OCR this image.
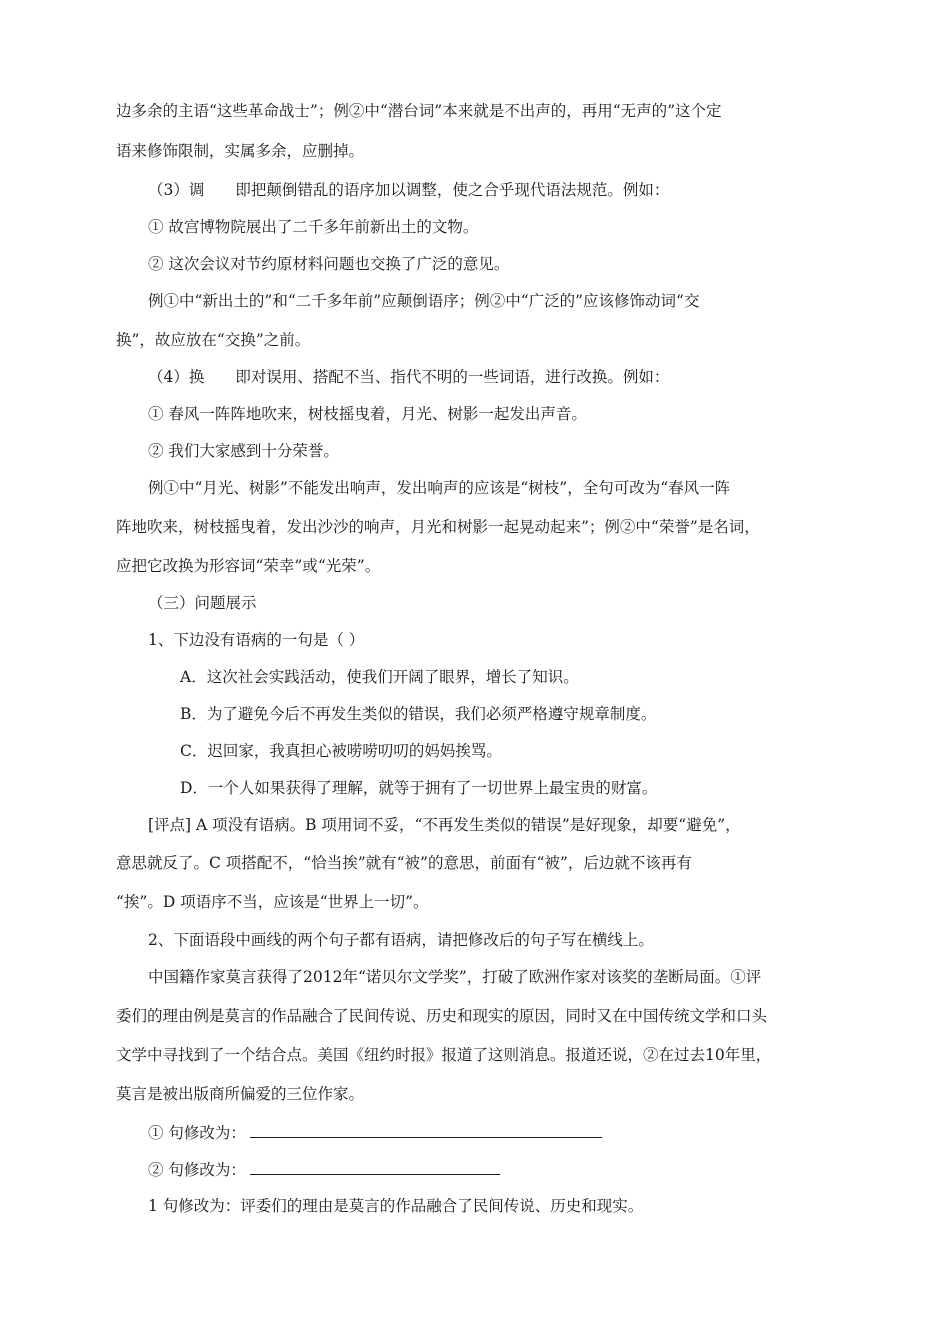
边多余的主语“这些革命战士”；例②中“潜台词”本来就是不出声的，再用“无声的”这个定
语来修饰限制，实属多余，应删掉。
（3）调　　即把颠倒错乱的语序加以调整，使之合乎现代语法规范。例如：
① 故宫博物院展出了二千多年前新出土的文物。
② 这次会议对节约原材料问题也交换了广泛的意见。
例①中“新出土的”和“二千多年前”应颠倒语序；例②中“广泛的”应该修饰动词“交
换”，故应放在“交换”之前。
（4）换　　即对误用、搭配不当、指代不明的一些词语，进行改换。例如：
① 春风一阵阵地吹来，树枝摇曳着，月光、树影一起发出声音。
② 我们大家感到十分荣誉。
例①中“月光、树影”不能发出响声，发出响声的应该是“树枝”，全句可改为“春风一阵
阵地吹来，树枝摇曳着，发出沙沙的响声，月光和树影一起晃动起来”；例②中“荣誉”是名词，
应把它改换为形容词“荣幸”或“光荣”。
（三）问题展示
1、下边没有语病的一句是（ ）
A．这次社会实践活动，使我们开阔了眼界，增长了知识。
B．为了避免今后不再发生类似的错误，我们必须严格遵守规章制度。
C．迟回家，我真担心被唠唠叨叨的妈妈挨骂。
D．一个人如果获得了理解，就等于拥有了一切世界上最宝贵的财富。
[评点] A 项没有语病。B 项用词不妥，“不再发生类似的错误”是好现象，却要“避免”，
意思就反了。C 项搭配不，“恰当挨”就有“被”的意思，前面有“被”，后边就不该再有
“挨”。D 项语序不当，应该是“世界上一切”。
2、下面语段中画线的两个句子都有语病，请把修改后的句子写在横线上。
中国籍作家莫言获得了2012年“诺贝尔文学奖”，打破了欧洲作家对该奖的垄断局面。①评
委们的理由例是莫言的作品融合了民间传说、历史和现实的原因，同时又在中国传统文学和口头
文学中寻找到了一个结合点。美国《纽约时报》报道了这则消息。报道还说，②在过去10年里，
莫言是被出版商所偏爱的三位作家。
① 句修改为：
② 句修改为：
1 句修改为：评委们的理由是莫言的作品融合了民间传说、历史和现实。
